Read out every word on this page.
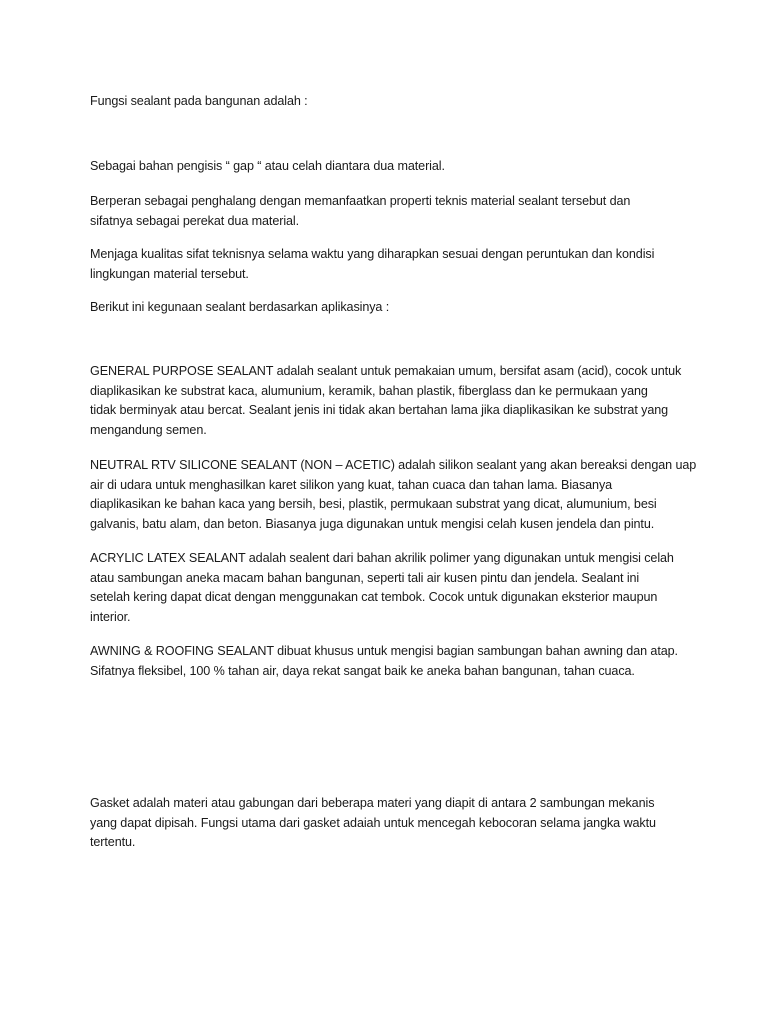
Fungsi sealant pada bangunan adalah :

Sebagai bahan pengisis “ gap “ atau celah diantara dua material.

Berperan sebagai penghalang dengan memanfaatkan properti teknis material sealant tersebut dan
sifatnya sebagai perekat dua material.

Menjaga kualitas sifat teknisnya selama waktu yang diharapkan sesuai dengan peruntukan dan kondisi
lingkungan material tersebut.

Berikut ini kegunaan sealant berdasarkan aplikasinya :

GENERAL PURPOSE SEALANT adalah sealant untuk pemakaian umum, bersifat asam (acid), cocok untuk
diaplikasikan ke substrat kaca, alumunium, keramik, bahan plastik, fiberglass dan ke permukaan yang
tidak berminyak atau bercat. Sealant jenis ini tidak akan bertahan lama jika diaplikasikan ke substrat yang
mengandung semen.

NEUTRAL RTV SILICONE SEALANT (NON – ACETIC) adalah silikon sealant yang akan bereaksi dengan uap
air di udara untuk menghasilkan karet silikon yang kuat, tahan cuaca dan tahan lama. Biasanya
diaplikasikan ke bahan kaca yang bersih, besi, plastik, permukaan substrat yang dicat, alumunium, besi
galvanis, batu alam, dan beton. Biasanya juga digunakan untuk mengisi celah kusen jendela dan pintu.

ACRYLIC LATEX SEALANT adalah sealent dari bahan akrilik polimer yang digunakan untuk mengisi celah
atau sambungan aneka macam bahan bangunan, seperti tali air kusen pintu dan jendela. Sealant ini
setelah kering dapat dicat dengan menggunakan cat tembok. Cocok untuk digunakan eksterior maupun
interior.

AWNING & ROOFING SEALANT dibuat khusus untuk mengisi bagian sambungan bahan awning dan atap.
Sifatnya fleksibel, 100 % tahan air, daya rekat sangat baik ke aneka bahan bangunan, tahan cuaca.

Gasket adalah materi atau gabungan dari beberapa materi yang diapit di antara 2 sambungan mekanis
yang dapat dipisah. Fungsi utama dari gasket adaiah untuk mencegah kebocoran selama jangka waktu
tertentu.
